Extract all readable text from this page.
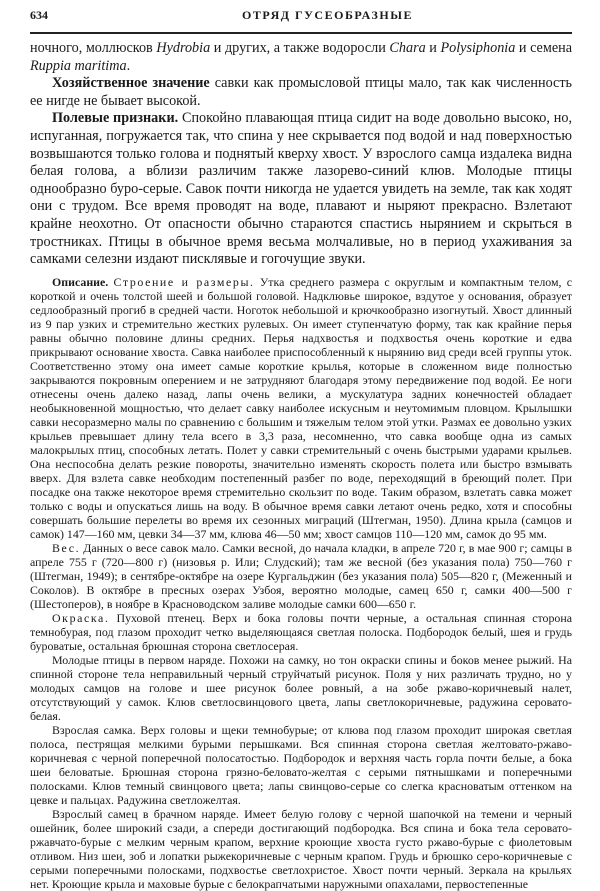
634	ОТРЯД ГУСЕОБРАЗНЫЕ

ночного, моллюсков Hydrobia и других, а также водоросли Chara и Polysiphonia и семена Ruppia maritima.

Хозяйственное значение савки как промысловой птицы мало, так как численность ее нигде не бывает высокой.

Полевые признаки. Спокойно плавающая птица сидит на воде довольно высоко, но, испуганная, погружается так, что спина у нее скрывается под водой и над поверхностью возвышаются только голова и поднятый кверху хвост. У взрослого самца издалека видна белая голова, а вблизи различим также лазорево-синий клюв. Молодые птицы однообразно буро-серые. Савок почти никогда не удается увидеть на земле, так как ходят они с трудом. Все время проводят на воде, плавают и ныряют прекрасно. Взлетают крайне неохотно. От опасности обычно стараются спастись нырянием и скрыться в тростниках. Птицы в обычное время весьма молчаливые, но в период ухаживания за самками селезни издают писклявые и гогочущие звуки.

Описание. Строение и размеры. Утка среднего размера с округлым и компактным телом, с короткой и очень толстой шеей и большой головой. Надклювье широкое, вздутое у основания, образует седлообразный прогиб в средней части. Ноготок небольшой и крючкообразно изогнутый. Хвост длинный из 9 пар узких и стремительно жестких рулевых. Он имеет ступенчатую форму, так как крайние перья равны обычно половине длины средних. Перья надхвостья и подхвостья очень короткие и едва прикрывают основание хвоста. Савка наиболее приспособленный к нырянию вид среди всей группы уток. Соответственно этому она имеет самые короткие крылья, которые в сложенном виде полностью закрываются покровным оперением и не затрудняют благодаря этому передвижение под водой. Ее ноги отнесены очень далеко назад, лапы очень велики, а мускулатура задних конечностей обладает необыкновенной мощностью, что делает савку наиболее искусным и неутомимым пловцом. Крылышки савки несоразмерно малы по сравнению с большим и тяжелым телом этой утки. Размах ее довольно узких крыльев превышает длину тела всего в 3,3 раза, несомненно, что савка вообще одна из самых малокрылых птиц, способных летать. Полет у савки стремительный с очень быстрыми ударами крыльев. Она неспособна делать резкие повороты, значительно изменять скорость полета или быстро взмывать вверх. Для взлета савке необходим постепенный разбег по воде, переходящий в бреющий полет. При посадке она также некоторое время стремительно скользит по воде. Таким образом, взлетать савка может только с воды и опускаться лишь на воду. В обычное время савки летают очень редко, хотя и способны совершать большие перелеты во время их сезонных миграций (Штегман, 1950). Длина крыла (самцов и самок) 147—160 мм, цевки 34—37 мм, клюва 46—50 мм; хвост самцов 110—120 мм, самок до 95 мм.

Вес. Данных о весе савок мало. Самки весной, до начала кладки, в апреле 720 г, в мае 900 г; самцы в апреле 755 г (720—800 г) (низовья р. Или; Слудский); там же весной (без указания пола) 750—760 г (Штегман, 1949); в сентябре-октябре на озере Кургальджин (без указания пола) 505—820 г, (Меженный и Соколов). В октябре в пресных озерах Узбоя, вероятно молодые, самец 650 г, самки 400—500 г (Шестоперов), в ноябре в Красноводском заливе молодые самки 600—650 г.

Окраска. Пуховой птенец. Верх и бока головы почти черные, а остальная спинная сторона темнобурая, под глазом проходит четко выделяющаяся светлая полоска. Подбородок белый, шея и грудь буроватые, остальная брюшная сторона светлосерая.

Молодые птицы в первом наряде. Похожи на самку, но тон окраски спины и боков менее рыжий. На спинной стороне тела неправильный черный струйчатый рисунок. Поля у них различать трудно, но у молодых самцов на голове и шее рисунок более ровный, а на зобе ржаво-коричневый налет, отсутствующий у самок. Клюв светлосвинцового цвета, лапы светлокоричневые, радужина серовато-белая.

Взрослая самка. Верх головы и щеки темнобурые; от клюва под глазом проходит широкая светлая полоса, пестрящая мелкими бурыми перышками. Вся спинная сторона светлая желтовато-ржаво-коричневая с черной поперечной полосатостью. Подбородок и верхняя часть горла почти белые, а бока шеи беловатые. Брюшная сторона грязно-беловато-желтая с серыми пятнышками и поперечными полосками. Клюв темный свинцового цвета; лапы свинцово-серые со слегка красноватым оттенком на цевке и пальцах. Радужина светложелтая.

Взрослый самец в брачном наряде. Имеет белую голову с черной шапочкой на темени и черный ошейник, более широкий сзади, а спереди достигающий подбородка. Вся спина и бока тела серовато-ржавчато-бурые с мелким черным крапом, верхние кроющие хвоста густо ржаво-бурые с фиолетовым отливом. Низ шеи, зоб и лопатки рыжекоричневые с черным крапом. Грудь и брюшко серо-коричневые с серыми поперечными полосками, подхвостье светлохристое. Хвост почти черный. Зеркала на крыльях нет. Кроющие крыла и маховые бурые с белокрапчатыми наружными опахалами, первостепенные
